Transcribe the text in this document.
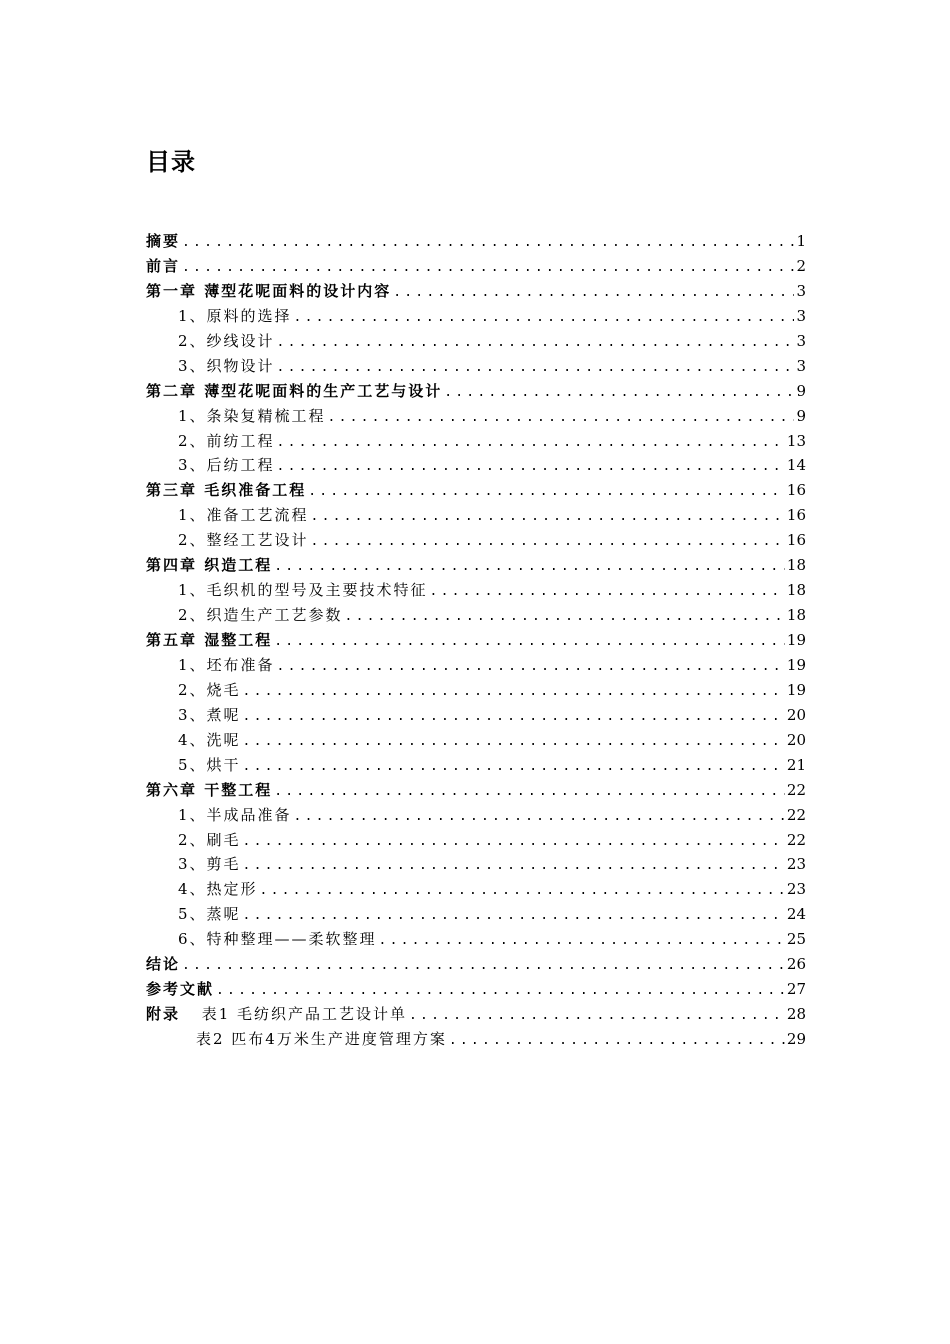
目录
摘要 .....	1
前言 .....	2
第一章 薄型花呢面料的设计内容 .....	3
1、原料的选择 .....	3
2、纱线设计 .....	3
3、织物设计 .....	3
第二章 薄型花呢面料的生产工艺与设计 .....	9
1、条染复精梳工程 .....	9
2、前纺工程 .....	13
3、后纺工程 .....	14
第三章 毛织准备工程 .....	16
1、准备工艺流程 .....	16
2、整经工艺设计 .....	16
第四章 织造工程 .....	18
1、毛织机的型号及主要技术特征 .....	18
2、织造生产工艺参数 .....	18
第五章 湿整工程 .....	19
1、坯布准备 .....	19
2、烧毛 .....	19
3、煮呢 .....	20
4、洗呢 .....	20
5、烘干 .....	21
第六章 干整工程 .....	22
1、半成品准备 .....	22
2、刷毛 .....	22
3、剪毛 .....	23
4、热定形 .....	23
5、蒸呢 .....	24
6、特种整理——柔软整理 .....	25
结论 .....	26
参考文献 .....	27
附录 表1 毛纺织产品工艺设计单 .....	28
表2 匹布4万米生产进度管理方案 .....	29
